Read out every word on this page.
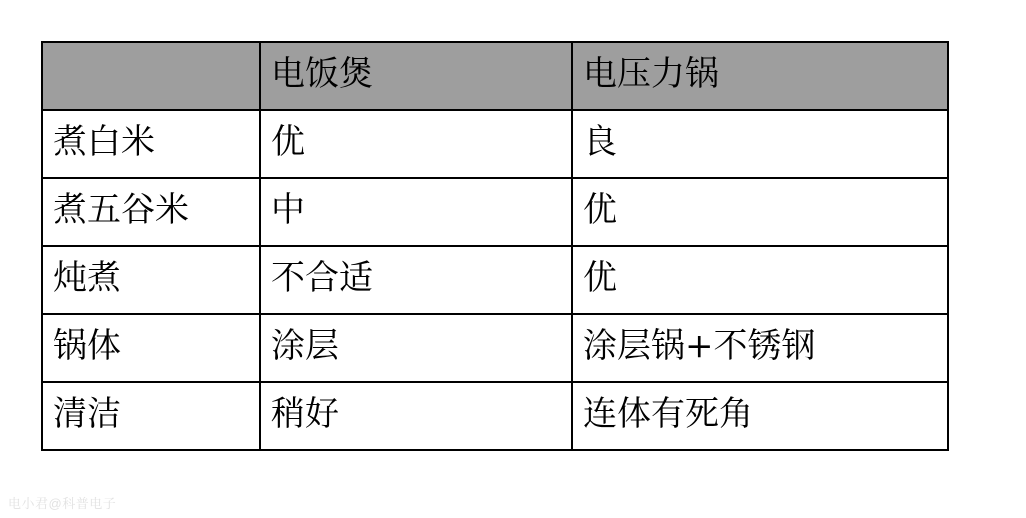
	电饭煲	电压力锅
煮白米	优	良
煮五谷米	中	优
炖煮	不合适	优
锅体	涂层	涂层锅+不锈钢
清洁	稍好	连体有死角
电小君@科普电子
